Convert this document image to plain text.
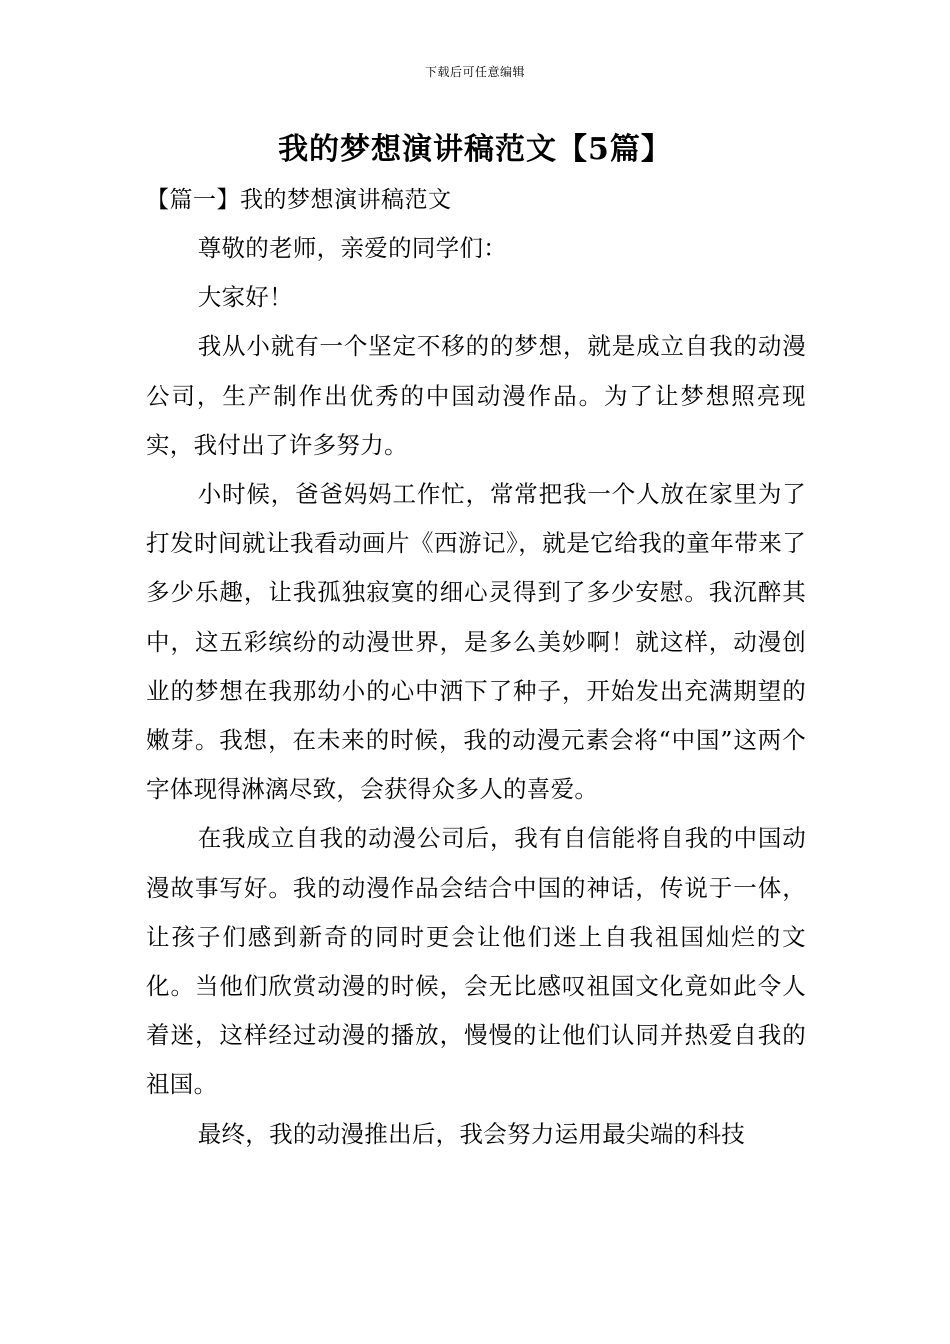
下载后可任意编辑
我的梦想演讲稿范文【5篇】
【篇一】我的梦想演讲稿范文

尊敬的老师，亲爱的同学们：

大家好！

我从小就有一个坚定不移的的梦想，就是成立自我的动漫公司，生产制作出优秀的中国动漫作品。为了让梦想照亮现实，我付出了许多努力。

小时候，爸爸妈妈工作忙，常常把我一个人放在家里为了打发时间就让我看动画片《西游记》，就是它给我的童年带来了多少乐趣，让我孤独寂寞的细心灵得到了多少安慰。我沉醉其中，这五彩缤纷的动漫世界，是多么美妙啊！就这样，动漫创业的梦想在我那幼小的心中洒下了种子，开始发出充满期望的嫩芽。我想，在未来的时候，我的动漫元素会将“中国”这两个字体现得淋漓尽致，会获得众多人的喜爱。

在我成立自我的动漫公司后，我有自信能将自我的中国动漫故事写好。我的动漫作品会结合中国的神话，传说于一体，让孩子们感到新奇的同时更会让他们迷上自我祖国灿烂的文化。当他们欣赏动漫的时候，会无比感叹祖国文化竟如此令人着迷，这样经过动漫的播放，慢慢的让他们认同并热爱自我的祖国。

最终，我的动漫推出后，我会努力运用最尖端的科技
